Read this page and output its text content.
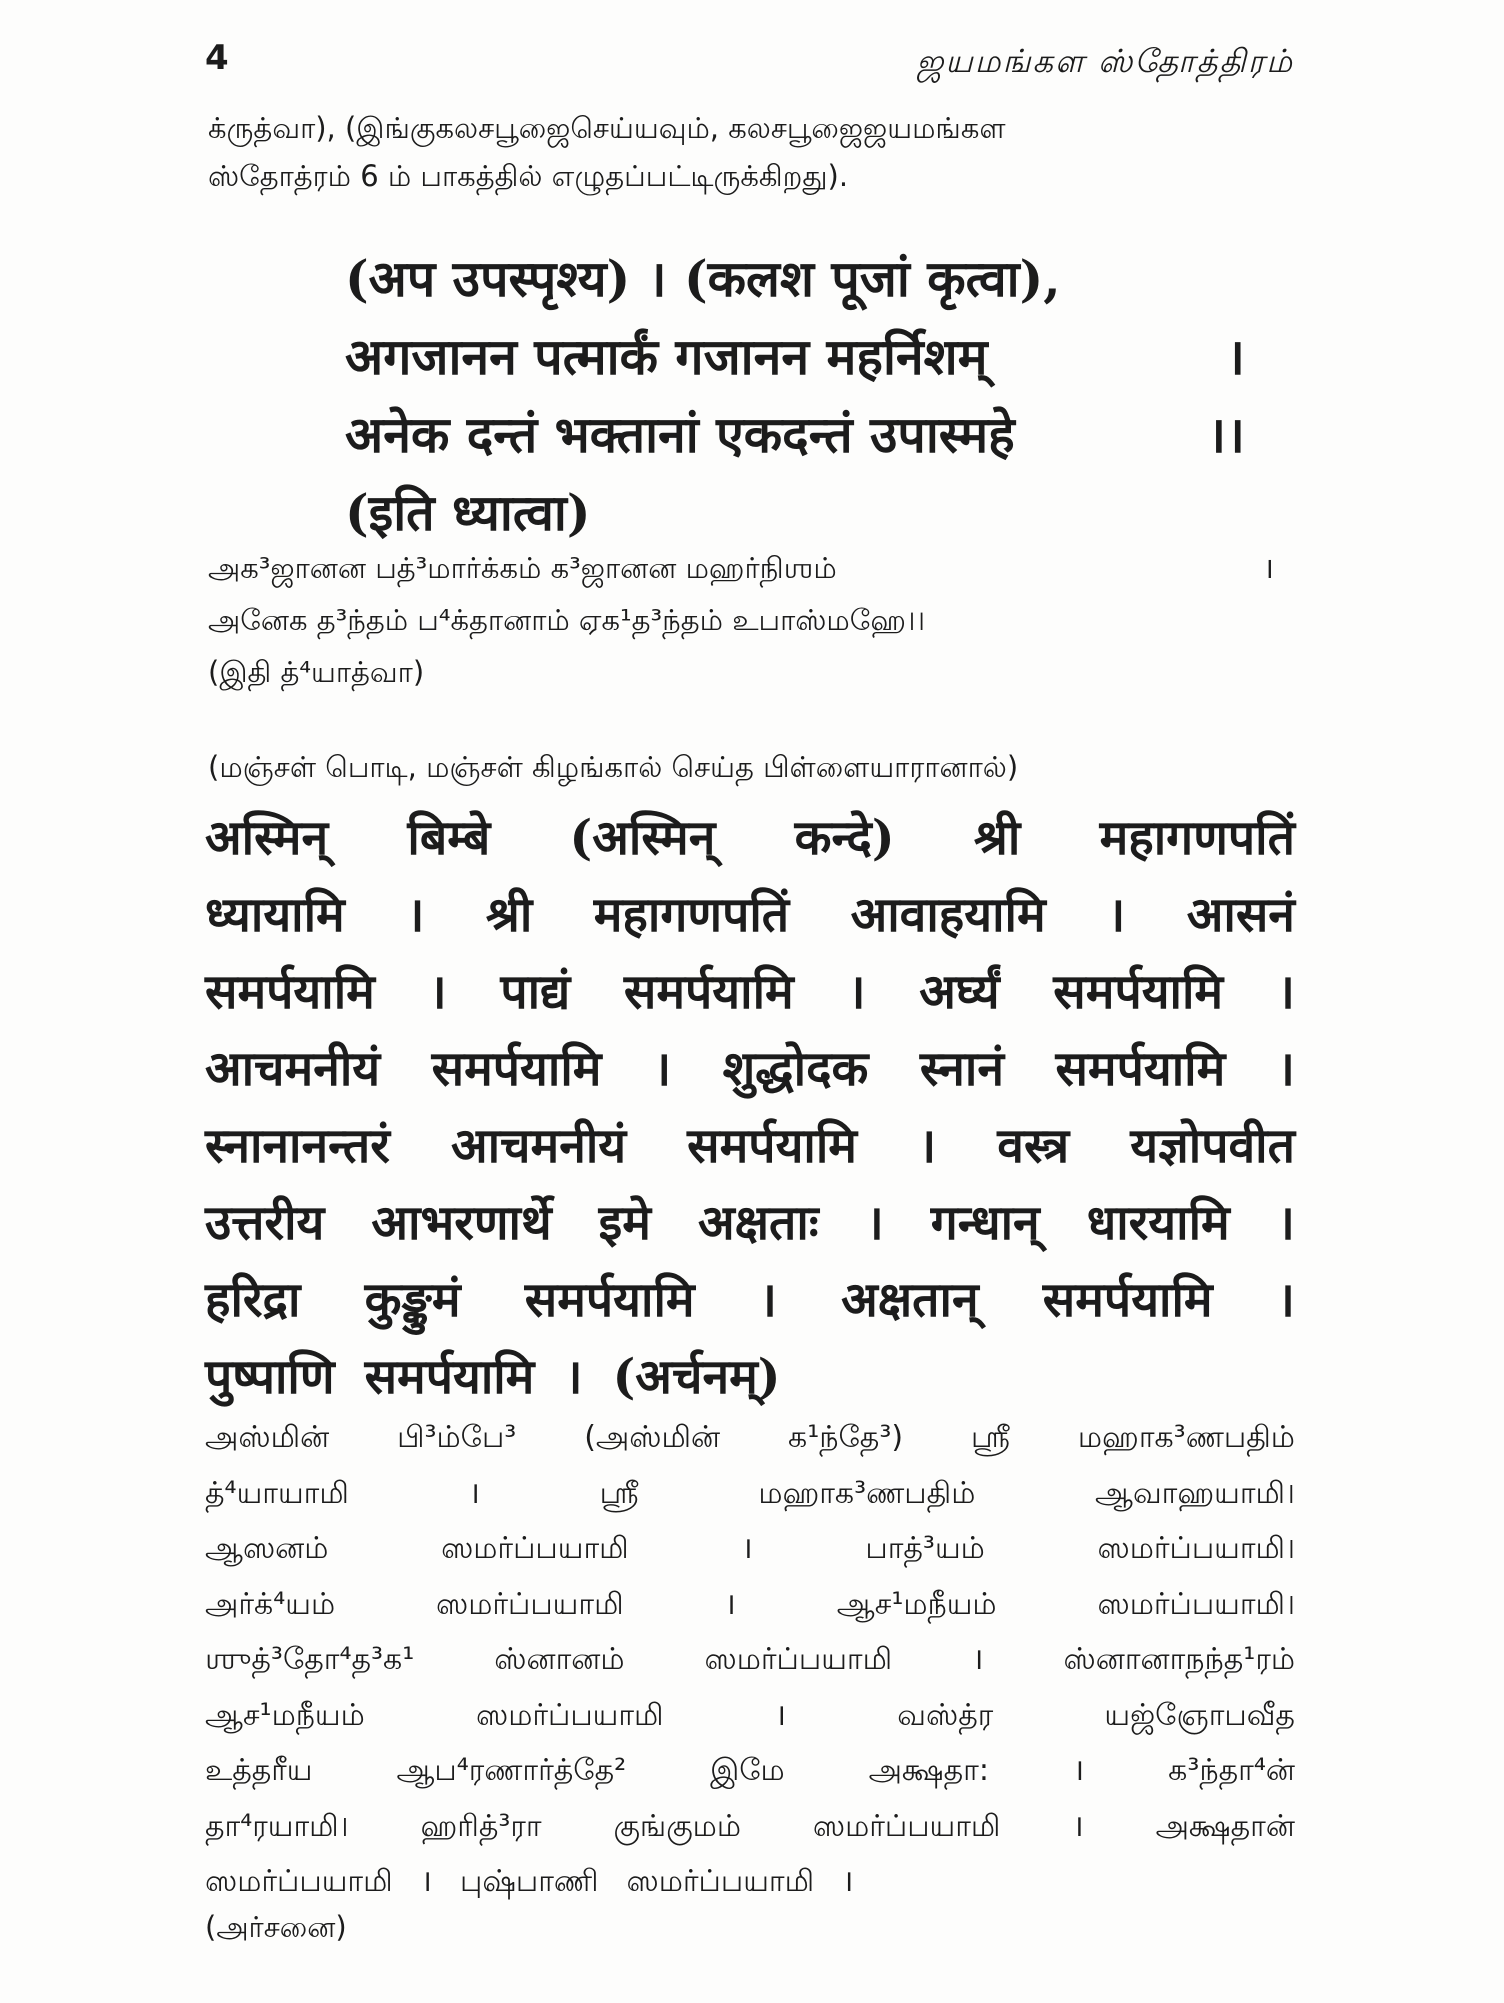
4	ஜயமங்கள ஸ்தோத்திரம்
க்ருத்வா), (இங்குகலசபூஜைசெய்யவும், கலசபூஜைஜயமங்கள
ஸ்தோத்ரம் 6 ம் பாகத்தில் எழுதப்பட்டிருக்கிறது).
(अप उपस्पृश्य) । (कलश पूजां कृत्वा),
अगजानन पत्मार्कं गजानन महर्निशम्	।
अनेक दन्तं भक्तानां एकदन्तं उपास्महे	।।
(इति ध्यात्वा)
அக³ஜானன பத்³மார்க்கம் க³ஜானன மஹர்நிஶம்	।
அனேக த³ந்தம் ப⁴க்தானாம் ஏக¹த³ந்தம் உபாஸ்மஹே।।
(இதி த்⁴யாத்வா)
(மஞ்சள் பொடி, மஞ்சள் கிழங்கால் செய்த பிள்ளையாரானால்)
अस्मिन् बिम्बे (अस्मिन् कन्दे) श्री महागणपतिं
ध्यायामि । श्री महागणपतिं आवाहयामि । आसनं
समर्पयामि । पाद्यं समर्पयामि । अर्घ्यं समर्पयामि ।
आचमनीयं समर्पयामि । शुद्धोदक स्नानं समर्पयामि ।
स्नानानन्तरं आचमनीयं समर्पयामि । वस्त्र यज्ञोपवीत
उत्तरीय आभरणार्थे इमे अक्षताः । गन्धान् धारयामि ।
हरिद्रा कुङ्कुमं समर्पयामि । अक्षतान् समर्पयामि ।
पुष्पाणि समर्पयामि । (अर्चनम्)
அஸ்மின் பி³ம்பே³ (அஸ்மின் க¹ந்தே³) ஶ்ரீ மஹாக³ணபதிம்
த்⁴யாயாமி	।	ஶ்ரீ	மஹாக³ணபதிம்	ஆவாஹயாமி।
ஆஸனம்	ஸமர்ப்பயாமி	।	பாத்³யம்	ஸமர்ப்பயாமி।
அர்க்⁴யம்	ஸமர்ப்பயாமி	।	ஆச¹மநீயம்	ஸமர்ப்பயாமி।
ஶுத்³தோ⁴த³க¹	ஸ்னானம்	ஸமர்ப்பயாமி	।	ஸ்னானாநந்த¹ரம்
ஆச¹மநீயம்	ஸமர்ப்பயாமி	।	வஸ்த்ர	யஜ்ஞோபவீத
உத்தரீய	ஆப⁴ரணார்த்தே²	இமே	அக்ஷதா:	।	க³ந்தா⁴ன்
தா⁴ரயாமி। ஹரித்³ரா குங்குமம் ஸமர்ப்பயாமி । அக்ஷதான்
ஸமர்ப்பயாமி । புஷ்பாணி ஸமர்ப்பயாமி ।
(அர்சனை)
